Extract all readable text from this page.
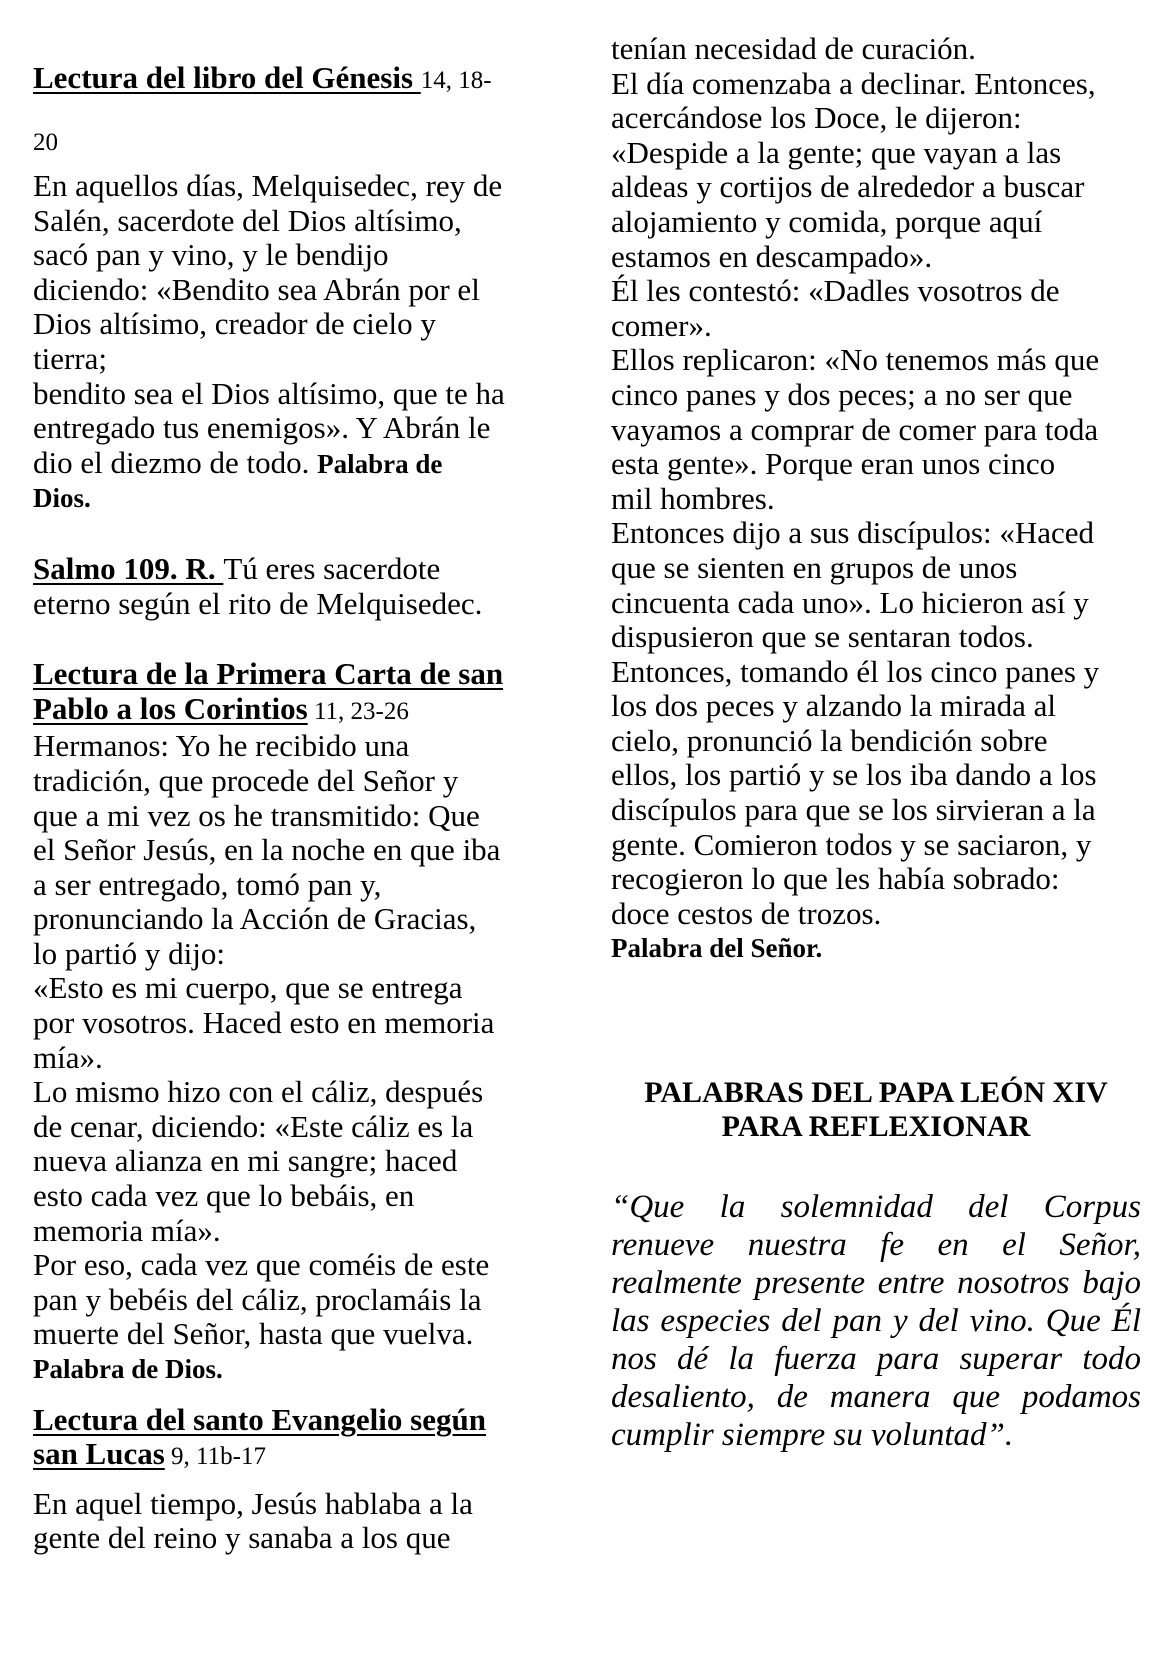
Lectura del libro del Génesis 14, 18-

20

En aquellos días, Melquisedec, rey de

Salén, sacerdote del Dios altísimo,

sacó pan y vino, y le bendijo

diciendo: «Bendito sea Abrán por el

Dios altísimo, creador de cielo y

tierra;

bendito sea el Dios altísimo, que te ha

entregado tus enemigos». Y Abrán le

dio el diezmo de todo. Palabra de

Dios.

Salmo 109. R. Tú eres sacerdote

eterno según el rito de Melquisedec.

Lectura de la Primera Carta de san

Pablo a los Corintios 11, 23-26

Hermanos: Yo he recibido una

tradición, que procede del Señor y

que a mi vez os he transmitido: Que

el Señor Jesús, en la noche en que iba

a ser entregado, tomó pan y,

pronunciando la Acción de Gracias,

lo partió y dijo:

«Esto es mi cuerpo, que se entrega

por vosotros. Haced esto en memoria

mía».

Lo mismo hizo con el cáliz, después

de cenar, diciendo: «Este cáliz es la

nueva alianza en mi sangre; haced

esto cada vez que lo bebáis, en

memoria mía».

Por eso, cada vez que coméis de este

pan y bebéis del cáliz, proclamáis la

muerte del Señor, hasta que vuelva.

Palabra de Dios.

Lectura del santo Evangelio según

san Lucas 9, 11b-17

En aquel tiempo, Jesús hablaba a la

gente del reino y sanaba a los que

tenían necesidad de curación.

El día comenzaba a declinar. Entonces,

acercándose los Doce, le dijeron:

«Despide a la gente; que vayan a las

aldeas y cortijos de alrededor a buscar

alojamiento y comida, porque aquí

estamos en descampado».

Él les contestó: «Dadles vosotros de

comer».

Ellos replicaron: «No tenemos más que

cinco panes y dos peces; a no ser que

vayamos a comprar de comer para toda

esta gente». Porque eran unos cinco

mil hombres.

Entonces dijo a sus discípulos: «Haced

que se sienten en grupos de unos

cincuenta cada uno». Lo hicieron así y

dispusieron que se sentaran todos.

Entonces, tomando él los cinco panes y

los dos peces y alzando la mirada al

cielo, pronunció la bendición sobre

ellos, los partió y se los iba dando a los

discípulos para que se los sirvieran a la

gente. Comieron todos y se saciaron, y

recogieron lo que les había sobrado:

doce cestos de trozos.

Palabra del Señor.

PALABRAS DEL PAPA LEÓN XIV

PARA REFLEXIONAR

“Que la solemnidad del Corpus renueve nuestra fe en el Señor, realmente presente entre nosotros bajo las especies del pan y del vino. Que Él nos dé la fuerza para superar todo desaliento, de manera que podamos cumplir siempre su voluntad”.
